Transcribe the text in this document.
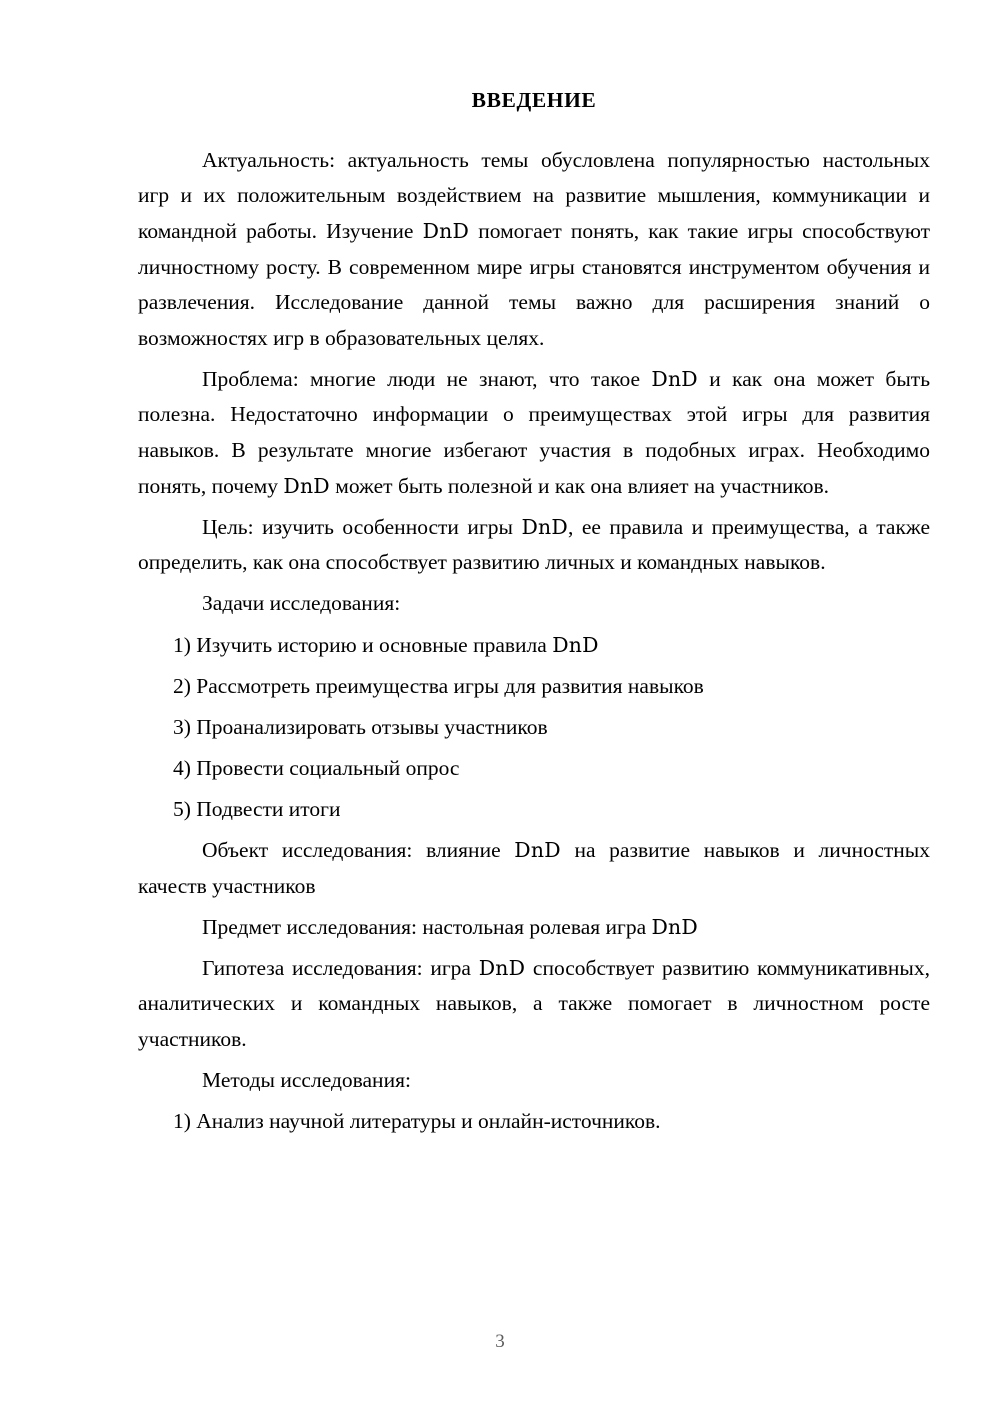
ВВЕДЕНИЕ

Актуальность: актуальность темы обусловлена популярностью настольных игр и их положительным воздействием на развитие мышления, коммуникации и командной работы. Изучение DnD помогает понять, как такие игры способствуют личностному росту. В современном мире игры становятся инструментом обучения и развлечения. Исследование данной темы важно для расширения знаний о возможностях игр в образовательных целях.

Проблема: многие люди не знают, что такое DnD и как она может быть полезна. Недостаточно информации о преимуществах этой игры для развития навыков. В результате многие избегают участия в подобных играх. Необходимо понять, почему DnD может быть полезной и как она влияет на участников.

Цель: изучить особенности игры DnD, ее правила и преимущества, а также определить, как она способствует развитию личных и командных навыков.

Задачи исследования:

1) Изучить историю и основные правила DnD
2) Рассмотреть преимущества игры для развития навыков
3) Проанализировать отзывы участников
4) Провести социальный опрос
5) Подвести итоги

Объект исследования: влияние DnD на развитие навыков и личностных качеств участников

Предмет исследования: настольная ролевая игра DnD

Гипотеза исследования: игра DnD способствует развитию коммуникативных, аналитических и командных навыков, а также помогает в личностном росте участников.

Методы исследования:

1) Анализ научной литературы и онлайн-источников.
3
